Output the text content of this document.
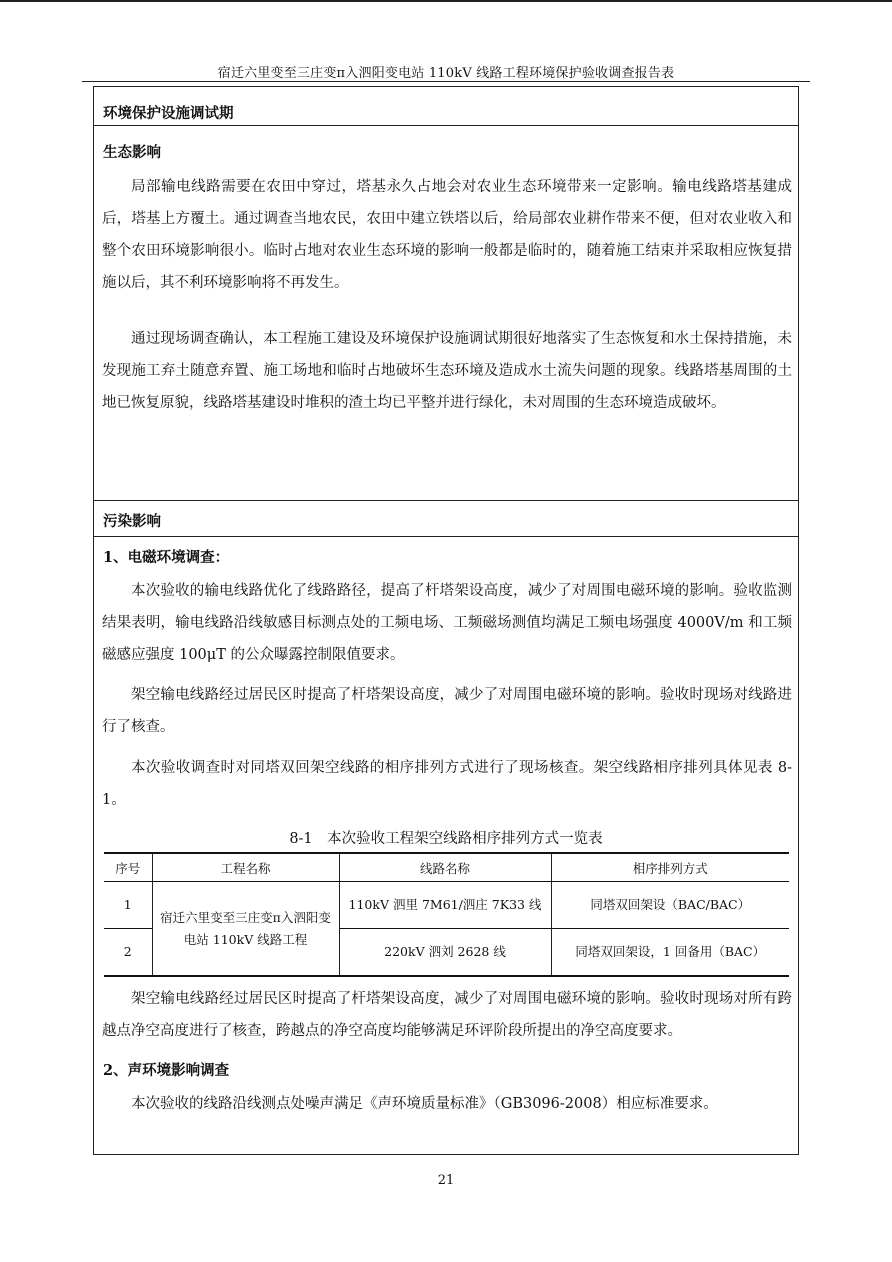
宿迁六里变至三庄变π入泗阳变电站 110kV 线路工程环境保护验收调查报告表
环境保护设施调试期
生态影响
局部输电线路需要在农田中穿过，塔基永久占地会对农业生态环境带来一定影响。输电线路塔基建成后，塔基上方覆土。通过调查当地农民，农田中建立铁塔以后，给局部农业耕作带来不便，但对农业收入和整个农田环境影响很小。临时占地对农业生态环境的影响一般都是临时的，随着施工结束并采取相应恢复措施以后，其不利环境影响将不再发生。
通过现场调查确认，本工程施工建设及环境保护设施调试期很好地落实了生态恢复和水土保持措施，未发现施工弃土随意弃置、施工场地和临时占地破坏生态环境及造成水土流失问题的现象。线路塔基周围的土地已恢复原貌，线路塔基建设时堆积的渣土均已平整并进行绿化，未对周围的生态环境造成破坏。
污染影响
1、电磁环境调查：
本次验收的输电线路优化了线路路径，提高了杆塔架设高度，减少了对周围电磁环境的影响。验收监测结果表明，输电线路沿线敏感目标测点处的工频电场、工频磁场测值均满足工频电场强度 4000V/m 和工频磁感应强度 100μT 的公众曝露控制限值要求。
架空输电线路经过居民区时提高了杆塔架设高度，减少了对周围电磁环境的影响。验收时现场对线路进行了核查。
本次验收调查时对同塔双回架空线路的相序排列方式进行了现场核查。架空线路相序排列具体见表 8-1。
8-1　本次验收工程架空线路相序排列方式一览表
序号	工程名称	线路名称	相序排列方式
1	宿迁六里变至三庄变π入泗阳变电站 110kV 线路工程	110kV 泗里 7M61/泗庄 7K33 线	同塔双回架设（BAC/BAC）
2		220kV 泗刘 2628 线	同塔双回架设，1 回备用（BAC）
架空输电线路经过居民区时提高了杆塔架设高度，减少了对周围电磁环境的影响。验收时现场对所有跨越点净空高度进行了核查，跨越点的净空高度均能够满足环评阶段所提出的净空高度要求。
2、声环境影响调查
本次验收的线路沿线测点处噪声满足《声环境质量标准》（GB3096-2008）相应标准要求。
21
